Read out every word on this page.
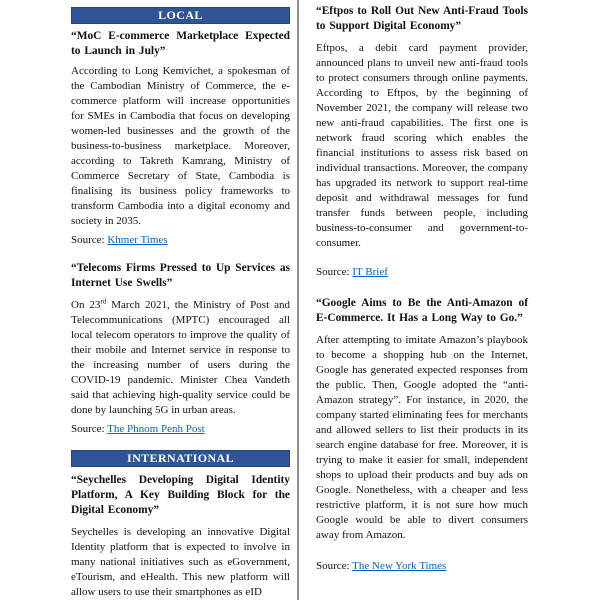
LOCAL
“MoC E-commerce Marketplace Expected to Launch in July”

According to Long Kemvichet, a spokesman of the Cambodian Ministry of Commerce, the e-commerce platform will increase opportunities for SMEs in Cambodia that focus on developing women-led businesses and the growth of the business-to-business marketplace. Moreover, according to Takreth Kamrang, Ministry of Commerce Secretary of State, Cambodia is finalising its business policy frameworks to transform Cambodia into a digital economy and society in 2035.

Source: Khmer Times

“Telecoms Firms Pressed to Up Services as Internet Use Swells”

On 23rd March 2021, the Ministry of Post and Telecommunications (MPTC) encouraged all local telecom operators to improve the quality of their mobile and Internet service in response to the increasing number of users during the COVID-19 pandemic. Minister Chea Vandeth said that achieving high-quality service could be done by launching 5G in urban areas.

Source: The Phnom Penh Post

INTERNATIONAL
“Seychelles Developing Digital Identity Platform, A Key Building Block for the Digital Economy”

Seychelles is developing an innovative Digital Identity platform that is expected to involve in many national initiatives such as eGovernment, eTourism, and eHealth. This new platform will allow users to use their smartphones as eID

“Eftpos to Roll Out New Anti-Fraud Tools to Support Digital Economy”

Eftpos, a debit card payment provider, announced plans to unveil new anti-fraud tools to protect consumers through online payments. According to Eftpos, by the beginning of November 2021, the company will release two new anti-fraud capabilities. The first one is network fraud scoring which enables the financial institutions to assess risk based on individual transactions. Moreover, the company has upgraded its network to support real-time deposit and withdrawal messages for fund transfer funds between people, including business-to-consumer and government-to-consumer.

Source: IT Brief

“Google Aims to Be the Anti-Amazon of E-Commerce. It Has a Long Way to Go.”

After attempting to imitate Amazon’s playbook to become a shopping hub on the Internet, Google has generated expected responses from the public. Then, Google adopted the “anti-Amazon strategy”. For instance, in 2020, the company started eliminating fees for merchants and allowed sellers to list their products in its search engine database for free. Moreover, it is trying to make it easier for small, independent shops to upload their products and buy ads on Google. Nonetheless, with a cheaper and less restrictive platform, it is not sure how much Google would be able to divert consumers away from Amazon.

Source: The New York Times
